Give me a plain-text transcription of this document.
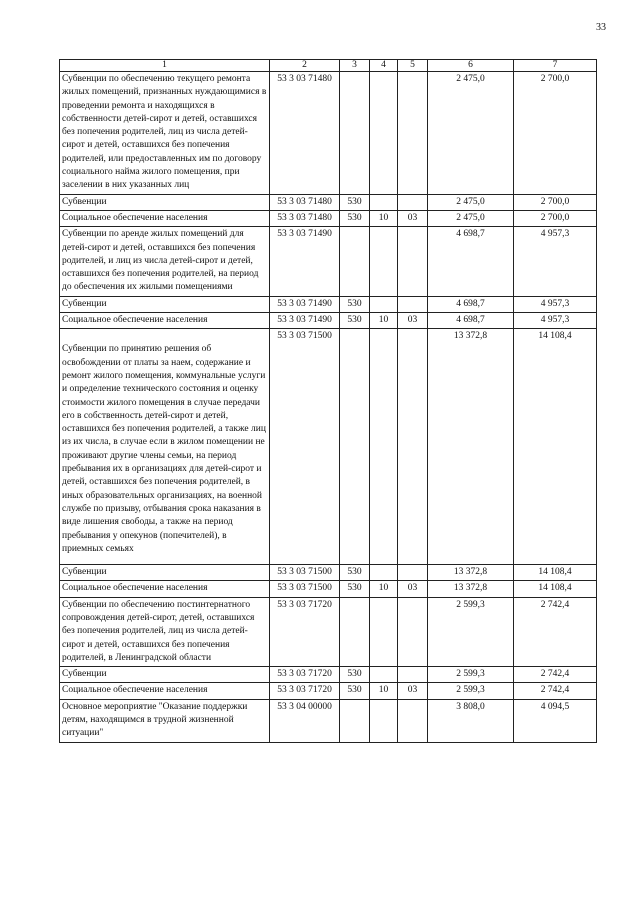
33
1	2	3	4	5	6	7
Субвенции по обеспечению текущего ремонта жилых помещений, признанных нуждающимися в проведении ремонта и находящихся в собственности детей-сирот и детей, оставшихся без попечения родителей, лиц из числа детей-сирот и детей, оставшихся без попечения родителей, или предоставленных им по договору социального найма жилого помещения, при заселении в них указанных лиц	53 3 03 71480				2 475,0	2 700,0
Субвенции	53 3 03 71480	530			2 475,0	2 700,0
Социальное обеспечение населения	53 3 03 71480	530	10	03	2 475,0	2 700,0
Субвенции по аренде жилых помещений для детей-сирот и детей, оставшихся без попечения родителей, и лиц из числа детей-сирот и детей, оставшихся без попечения родителей, на период до обеспечения их жилыми помещениями	53 3 03 71490				4 698,7	4 957,3
Субвенции	53 3 03 71490	530			4 698,7	4 957,3
Социальное обеспечение населения	53 3 03 71490	530	10	03	4 698,7	4 957,3

Субвенции по принятию решения об освобождении от платы за наем, содержание и ремонт жилого помещения, коммунальные услуги и определение технического состояния и оценку стоимости жилого помещения в случае передачи его в собственность детей-сирот и детей, оставшихся без попечения родителей, а также лиц из их числа, в случае если в жилом помещении не проживают другие члены семьи, на период пребывания их в организациях для детей-сирот и детей, оставшихся без попечения родителей, в иных образовательных организациях, на военной службе по призыву, отбывания срока наказания в виде лишения свободы, а также на период пребывания у опекунов (попечителей), в приемных семьях	53 3 03 71500				13 372,8	14 108,4
Субвенции	53 3 03 71500	530			13 372,8	14 108,4
Социальное обеспечение населения	53 3 03 71500	530	10	03	13 372,8	14 108,4
Субвенции по обеспечению постинтернатного сопровождения детей-сирот, детей, оставшихся без попечения родителей, лиц из числа детей-сирот и детей, оставшихся без попечения родителей, в Ленинградской области	53 3 03 71720				2 599,3	2 742,4
Субвенции	53 3 03 71720	530			2 599,3	2 742,4
Социальное обеспечение населения	53 3 03 71720	530	10	03	2 599,3	2 742,4
Основное мероприятие "Оказание поддержки детям, находящимся в трудной жизненной ситуации"	53 3 04 00000				3 808,0	4 094,5
